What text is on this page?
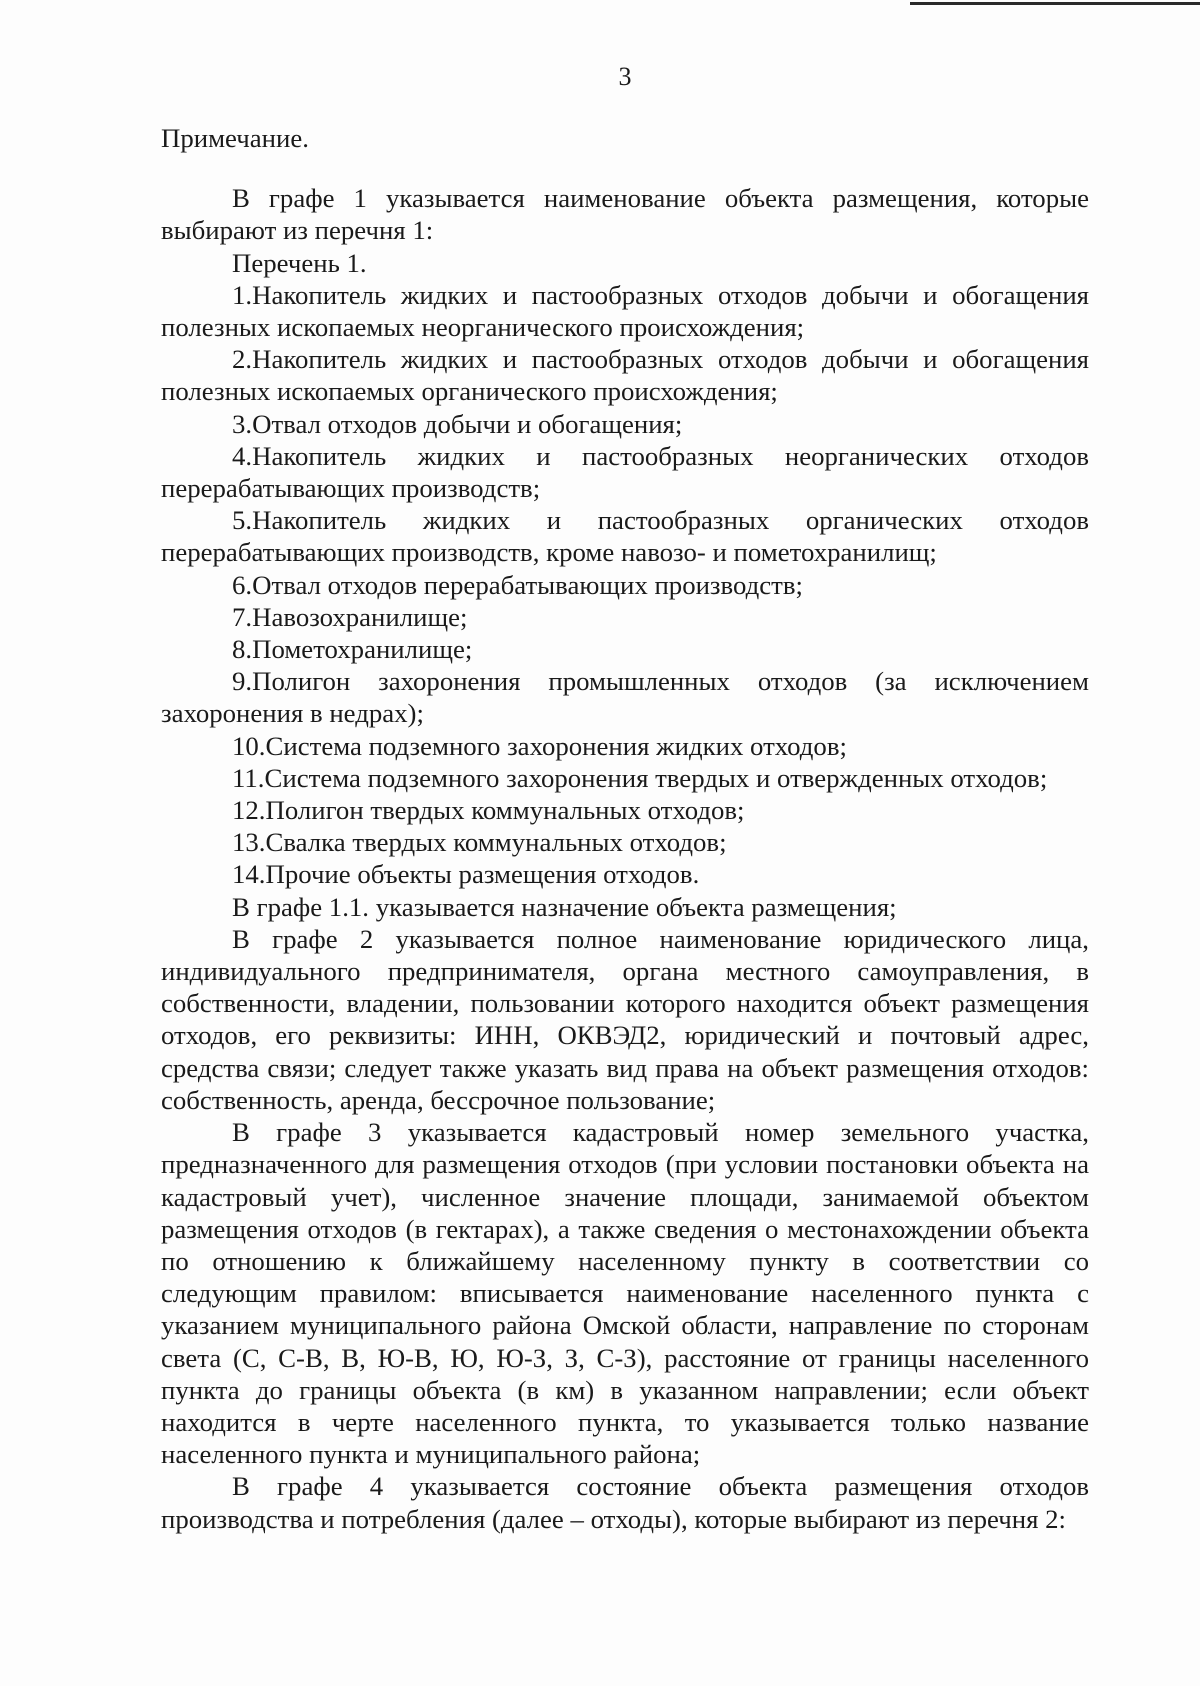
3

Примечание.

В графе 1 указывается наименование объекта размещения, которые выбирают из перечня 1:

Перечень 1.

1.Накопитель жидких и пастообразных отходов добычи и обогащения полезных ископаемых неорганического происхождения;

2.Накопитель жидких и пастообразных отходов добычи и обогащения полезных ископаемых органического происхождения;

3.Отвал отходов добычи и обогащения;

4.Накопитель жидких и пастообразных неорганических отходов перерабатывающих производств;

5.Накопитель жидких и пастообразных органических отходов перерабатывающих производств, кроме навозо- и пометохранилищ;

6.Отвал отходов перерабатывающих производств;

7.Навозохранилище;

8.Пометохранилище;

9.Полигон захоронения промышленных отходов (за исключением захоронения в недрах);

10.Система подземного захоронения жидких отходов;

11.Система подземного захоронения твердых и отвержденных отходов;

12.Полигон твердых коммунальных отходов;

13.Свалка твердых коммунальных отходов;

14.Прочие объекты размещения отходов.

В графе 1.1. указывается назначение объекта размещения;

В графе 2 указывается полное наименование юридического лица, индивидуального предпринимателя, органа местного самоуправления, в собственности, владении, пользовании которого находится объект размещения отходов, его реквизиты: ИНН, ОКВЭД2, юридический и почтовый адрес, средства связи; следует также указать вид права на объект размещения отходов: собственность, аренда, бессрочное пользование;

В графе 3 указывается кадастровый номер земельного участка, предназначенного для размещения отходов (при условии постановки объекта на кадастровый учет), численное значение площади, занимаемой объектом размещения отходов (в гектарах), а также сведения о местонахождении объекта по отношению к ближайшему населенному пункту в соответствии со следующим правилом: вписывается наименование населенного пункта с указанием муниципального района Омской области, направление по сторонам света (С, С-В, В, Ю-В, Ю, Ю-З, З, С-З), расстояние от границы населенного пункта до границы объекта (в км) в указанном направлении; если объект находится в черте населенного пункта, то указывается только название населенного пункта и муниципального района;

В графе 4 указывается состояние объекта размещения отходов производства и потребления (далее – отходы), которые выбирают из перечня 2:
